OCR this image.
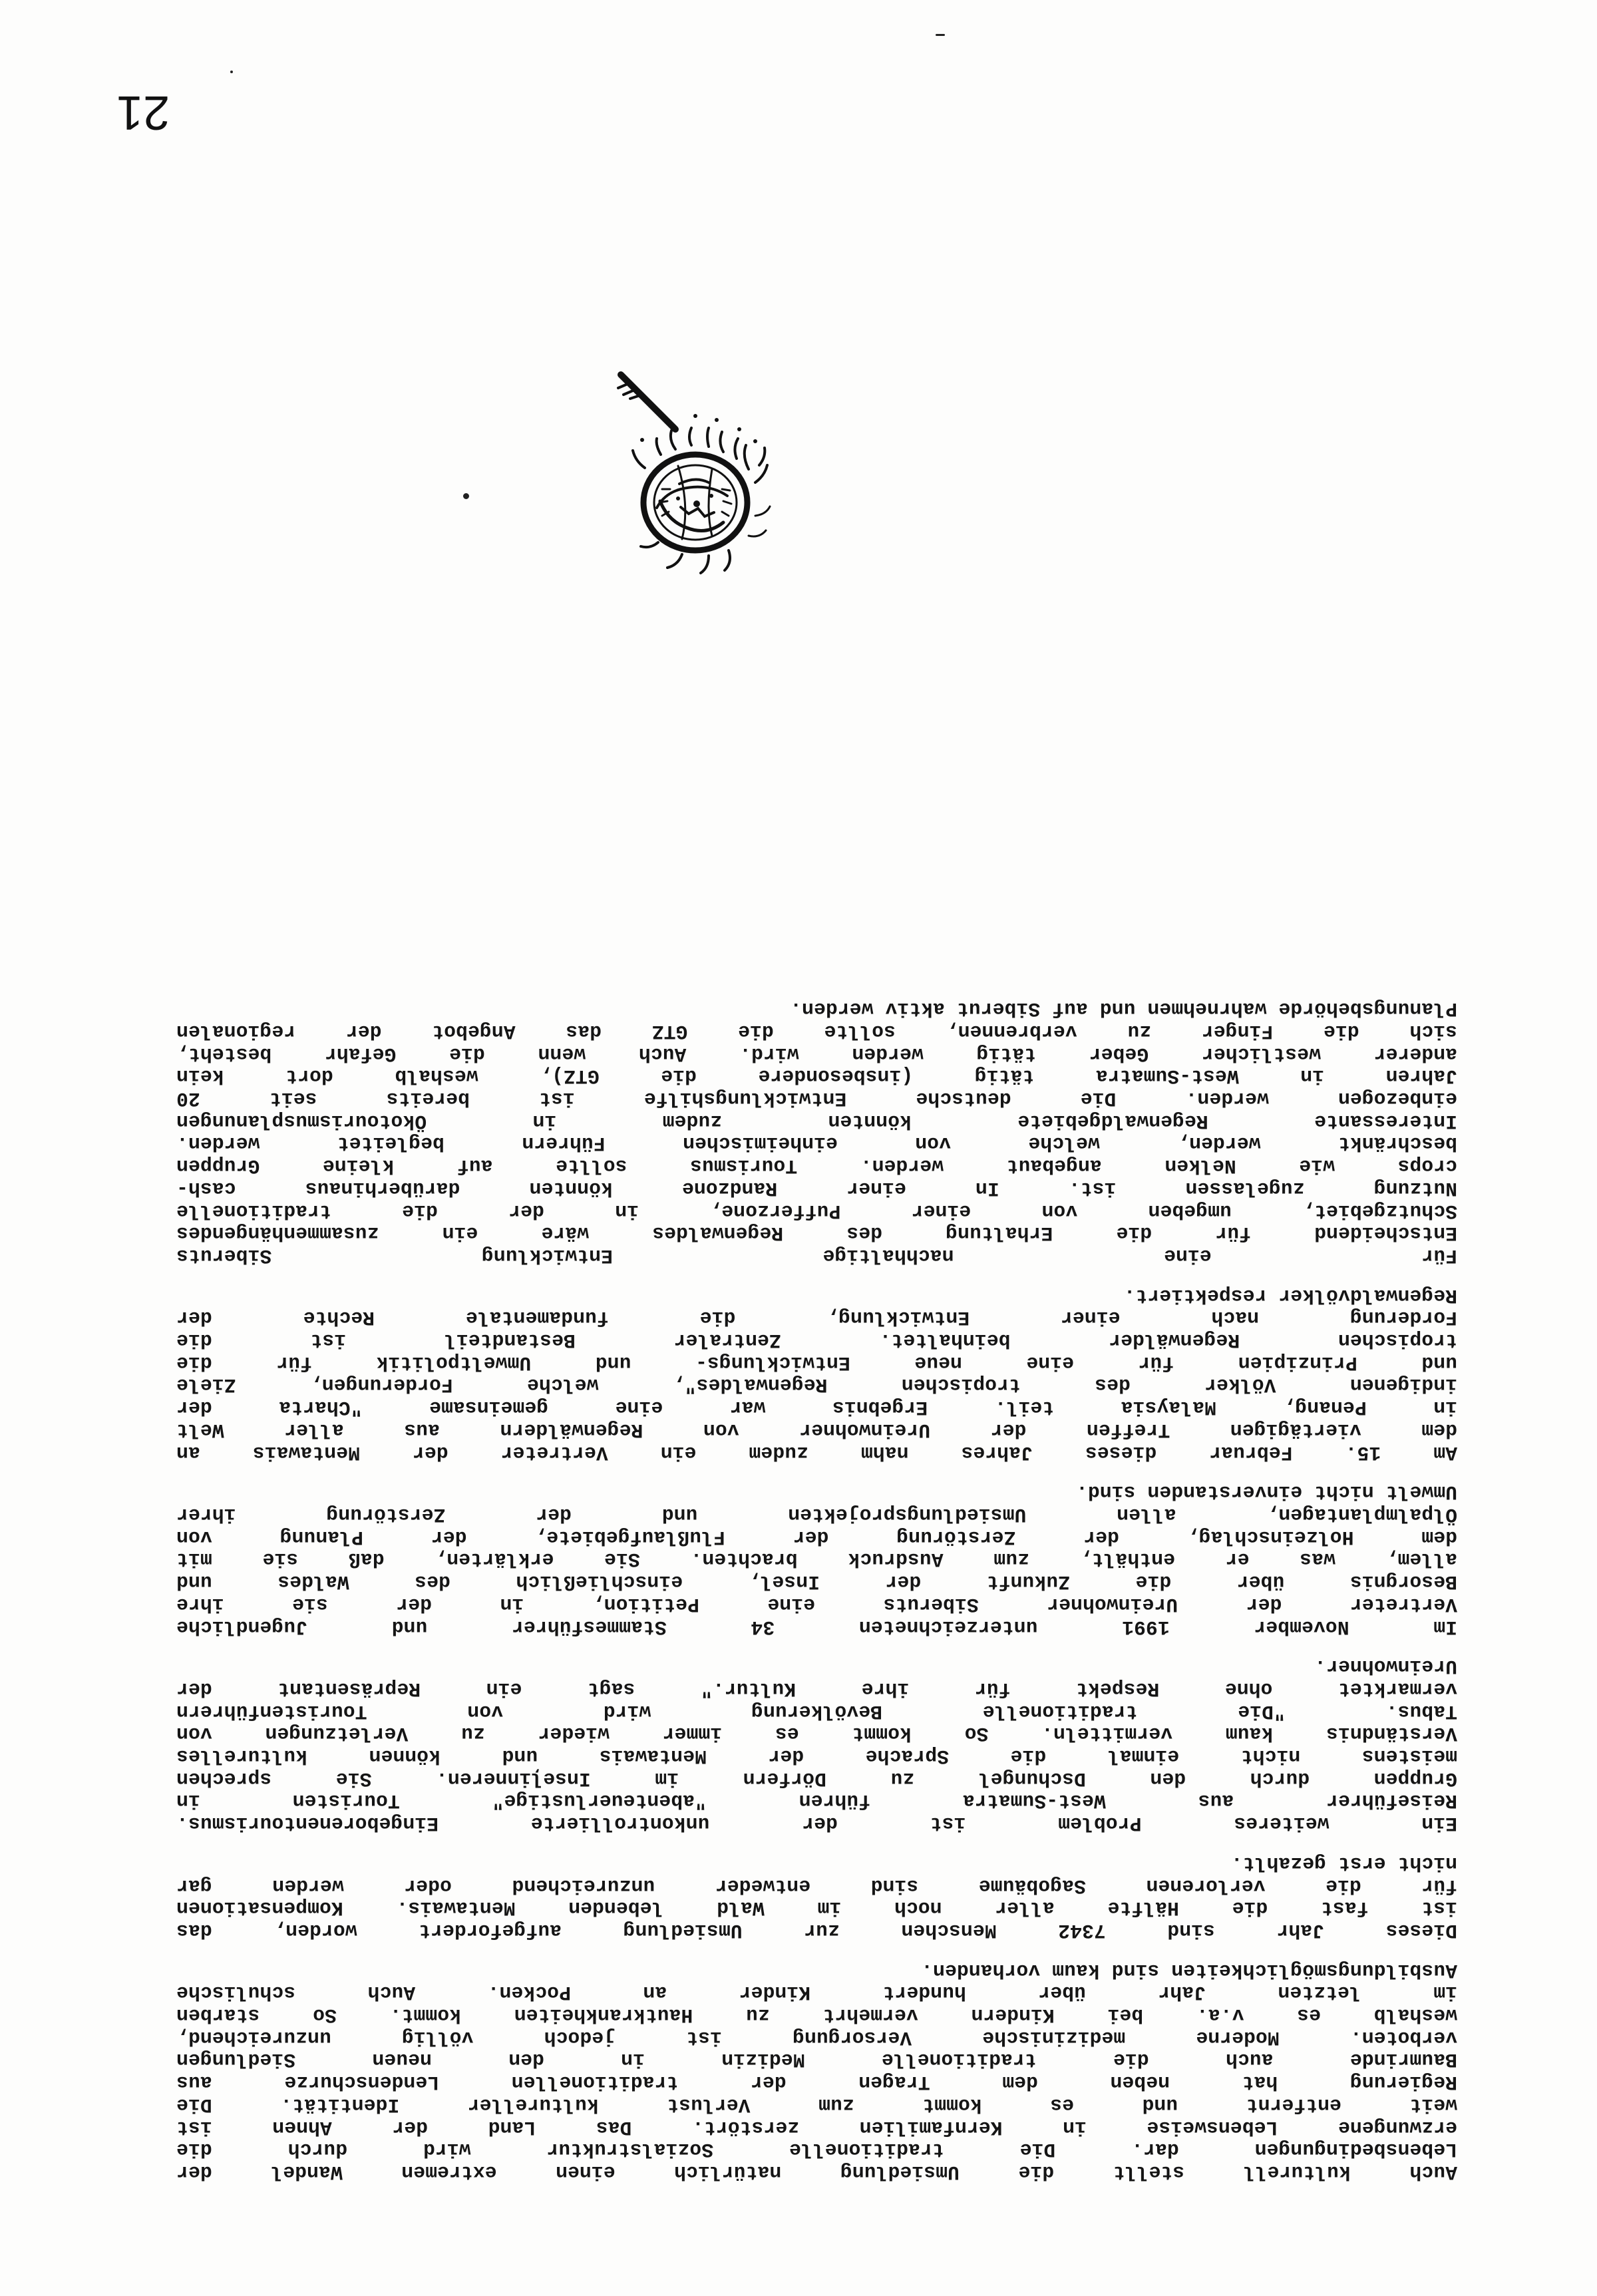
Auch kulturell stellt die Umsiedlung natürlich einen extremen Wandel der
Lebensbedingungen dar. Die traditionelle Sozialstruktur wird durch die
erzwungene Lebensweise in Kernfamilien zerstört. Das Land der Ahnen ist
weit entfernt und es kommt zum Verlust kultureller Identität. Die
Regierung hat neben dem Tragen der traditionellen Lendenschurze aus
Baumrinde auch die traditionelle Medizin in den neuen Siedlungen
verboten. Moderne medizinische Versorgung ist jedoch völlig unzureichend,
weshalb es v.a. bei Kindern vermehrt zu Hautkrankheiten kommt. So starben
im letzten Jahr über hundert Kinder an Pocken. Auch schulische
Ausbildungsmöglichkeiten sind kaum vorhanden.
Dieses Jahr sind 7342 Menschen zur Umsiedlung aufgefordert worden, das
ist fast die Hälfte aller noch im Wald lebenden Mentawais. Kompensationen
für die verlorenen Sagobäume sind entweder unzureichend oder werden gar
nicht erst gezahlt.
Ein weiteres Problem ist der unkontrollierte Eingeborenentourismus.
Reiseführer aus West-Sumatra führen "abenteuerlustige" Touristen in
Gruppen durch den Dschungel zu Dörfern im Inseļinneren. Sie sprechen
meistens nicht einmal die Sprache der Mentawais und können kulturelles
Verständnis kaum vermitteln. So kommt es immer wieder zu Verletzungen von
Tabus. "Die traditionelle Bevölkerung wird von Touristenführern
vermarktet ohne Respekt für ihre Kultur." sagt ein Repräsentant der
Ureinwohner.
Im November 1991 unterzeichneten 34 Stammesführer und Jugendliche
Vertreter der Ureinwohner Siberuts eine Petition, in der sie ihre
Besorgnis über die Zukunft der Insel, einschließlich des Waldes und
allem, was er enthält, zum Ausdruck brachten. Sie erklärten, daß sie mit
dem Holzeinschlag, der Zerstörung der Flußlaufgebiete, der Planung von
Ölpalmplantagen, allen Umsiedlungsprojekten und der Zerstörung ihrer
Umwelt nicht einverstanden sind.
Am 15. Februar dieses Jahres nahm zudem ein Vertreter der Mentawais an
dem viertägigen Treffen der Ureinwohner von Regenwäldern aus aller Welt
in Penang, Malaysia teil. Ergebnis war eine gemeinsame "Charta der
indigenen Völker des tropischen Regenwaldes", welche Forderungen, Ziele
und Prinzipien für eine neue Entwicklungs- und Umweltpolitik für die
tropischen Regenwälder beinhaltet. Zentraler Bestandteil ist die
Forderung nach einer Entwicklung, die fundamentale Rechte der
Regenwaldvölker respektiert.
Für eine nachhaltige Entwicklung Siberuts
Entscheidend für die Erhaltung des Regenwaldes wäre ein zusammenhängendes
Schutzgebiet, umgeben von einer Pufferzone, in der die traditionelle
Nutzung zugelassen ist. In einer Randzone könnten darüberhinaus cash-
crops wie Nelken angebaut werden. Tourismus sollte auf kleine Gruppen
beschränkt werden, welche von einheimischen Führern begleitet werden.
Interessante Regenwaldgebiete könnten zudem in Ökotourismusplanungen
einbezogen werden. Die deutsche Entwicklungshilfe ist bereits seit 20
Jahren in West-Sumatra tätig (insbesondere die GTZ), weshalb dort kein
anderer westlicher Geber tätig werden wird. Auch wenn die Gefahr besteht,
sich die Finger zu verbrennen, sollte die GTZ das Angebot der regionalen
Planungsbehörde wahrnehmen und auf Siberut aktiv werden.
21
